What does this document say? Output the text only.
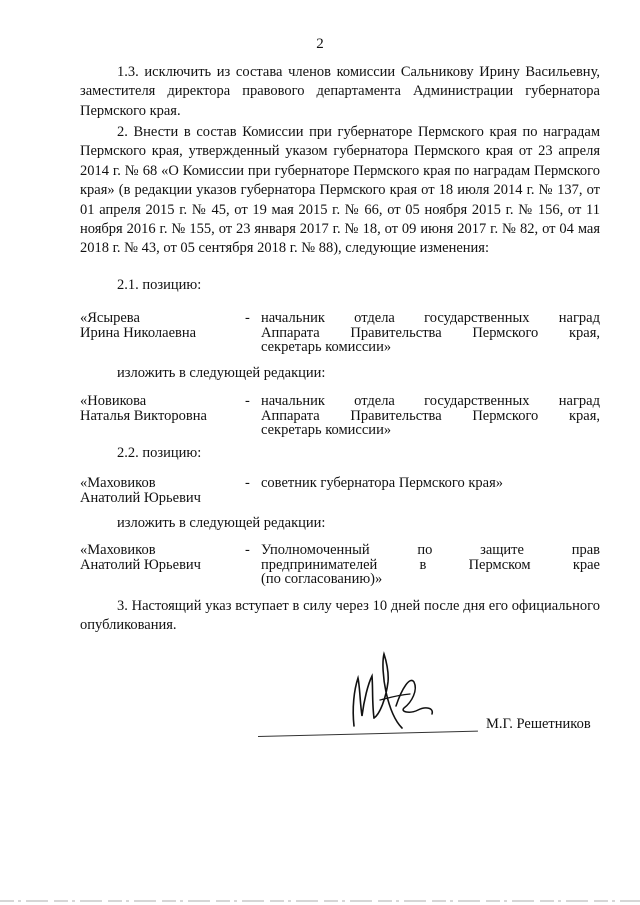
2

1.3. исключить из состава членов комиссии Сальникову Ирину Васильевну, заместителя директора правового департамента Администрации губернатора Пермского края.

2. Внести в состав Комиссии при губернаторе Пермского края по наградам Пермского края, утвержденный указом губернатора Пермского края от 23 апреля 2014 г. № 68 «О Комиссии при губернаторе Пермского края по наградам Пермского края» (в редакции указов губернатора Пермского края от 18 июля 2014 г. № 137, от 01 апреля 2015 г. № 45, от 19 мая 2015 г. № 66, от 05 ноября 2015 г. № 156, от 11 ноября 2016 г. № 155, от 23 января 2017 г. № 18, от 09 июня 2017 г. № 82, от 04 мая 2018 г. № 43, от 05 сентября 2018 г. № 88), следующие изменения:

2.1. позицию:
«Ясырева
Ирина Николаевна
- начальник отдела государственных наград
Аппарата Правительства Пермского края,
секретарь комиссии»
изложить в следующей редакции:
«Новикова
Наталья Викторовна
- начальник отдела государственных наград
Аппарата Правительства Пермского края,
секретарь комиссии»
2.2. позицию:
«Маховиков
Анатолий Юрьевич
- советник губернатора Пермского края»
изложить в следующей редакции:
«Маховиков
Анатолий Юрьевич
- Уполномоченный по защите прав
предпринимателей в Пермском крае
(по согласованию)»

3. Настоящий указ вступает в силу через 10 дней после дня его официального опубликования.

М.Г. Решетников
